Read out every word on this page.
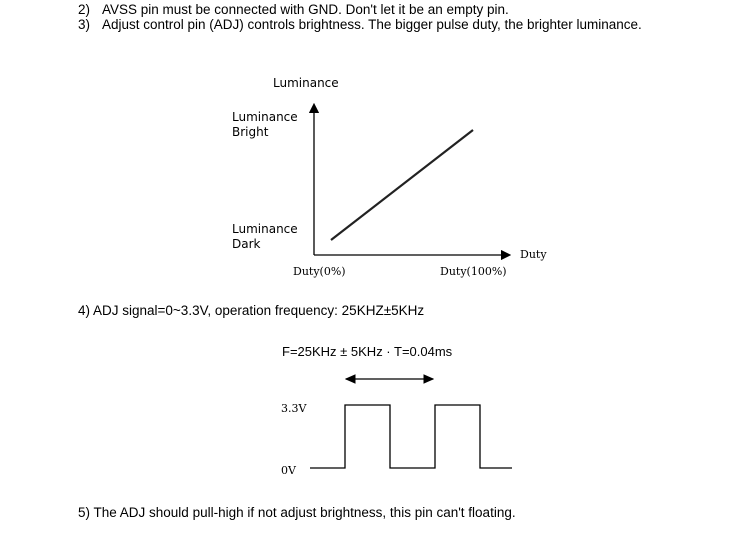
2) AVSS pin must be connected with GND. Don't let it be an empty pin.
3) Adjust control pin (ADJ) controls brightness. The bigger pulse duty, the brighter luminance.
Luminance
Luminance
Bright
Luminance
Dark
Duty
Duty(0%)	Duty(100%)
4) ADJ signal=0~3.3V, operation frequency: 25KHZ±5KHz
F=25KHz ± 5KHz · T=0.04ms
3.3V
0V
5) The ADJ should pull-high if not adjust brightness, this pin can't floating.
